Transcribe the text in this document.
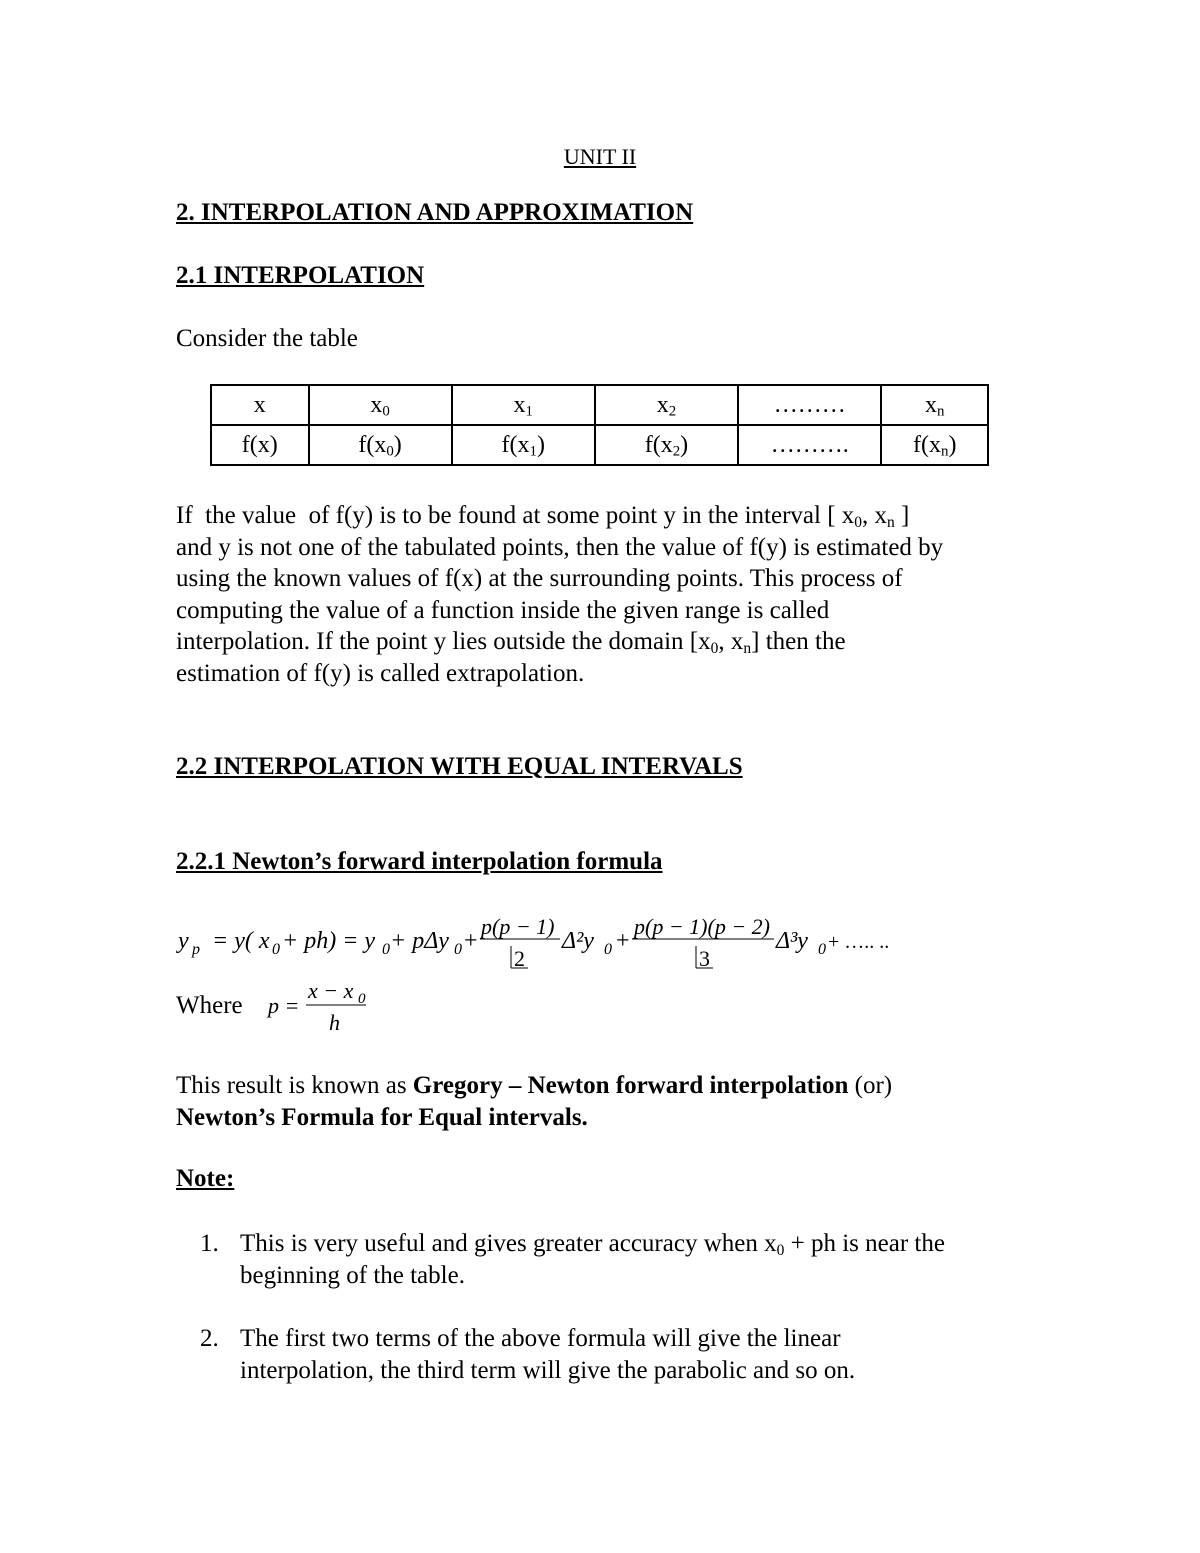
UNIT II
2. INTERPOLATION AND APPROXIMATION
2.1 INTERPOLATION
Consider the table
x	$x_0$	$x_1$	$x_2$	………	$x_n$
f(x)	$f(x_0)$	$f(x_1)$	$f(x_2)$	……….	$f(x_n)$
If  the value  of f(y) is to be found at some point y in the interval [ $x_0$, $x_n$ ]
and y is not one of the tabulated points, then the value of f(y) is estimated by
using the known values of f(x) at the surrounding points. This process of
computing the value of a function inside the given range is called
interpolation. If the point y lies outside the domain [$x_0$, $x_n$] then the
estimation of f(y) is called extrapolation.
2.2 INTERPOLATION WITH EQUAL INTERVALS
2.2.1 Newton’s forward interpolation formula
y p = y( x 0 + ph) = y 0 + pΔy 0 +
p(p − 1)
2
Δ²y 0 +
p(p − 1)(p − 2)
3
Δ³y 0 + ….. ..
Where p =
x − x 0
h
This result is known as Gregory – Newton forward interpolation (or)
Newton’s Formula for Equal intervals.
Note:
1. This is very useful and gives greater accuracy when $x_0$ + ph is near the
beginning of the table.
2. The first two terms of the above formula will give the linear
interpolation, the third term will give the parabolic and so on.
